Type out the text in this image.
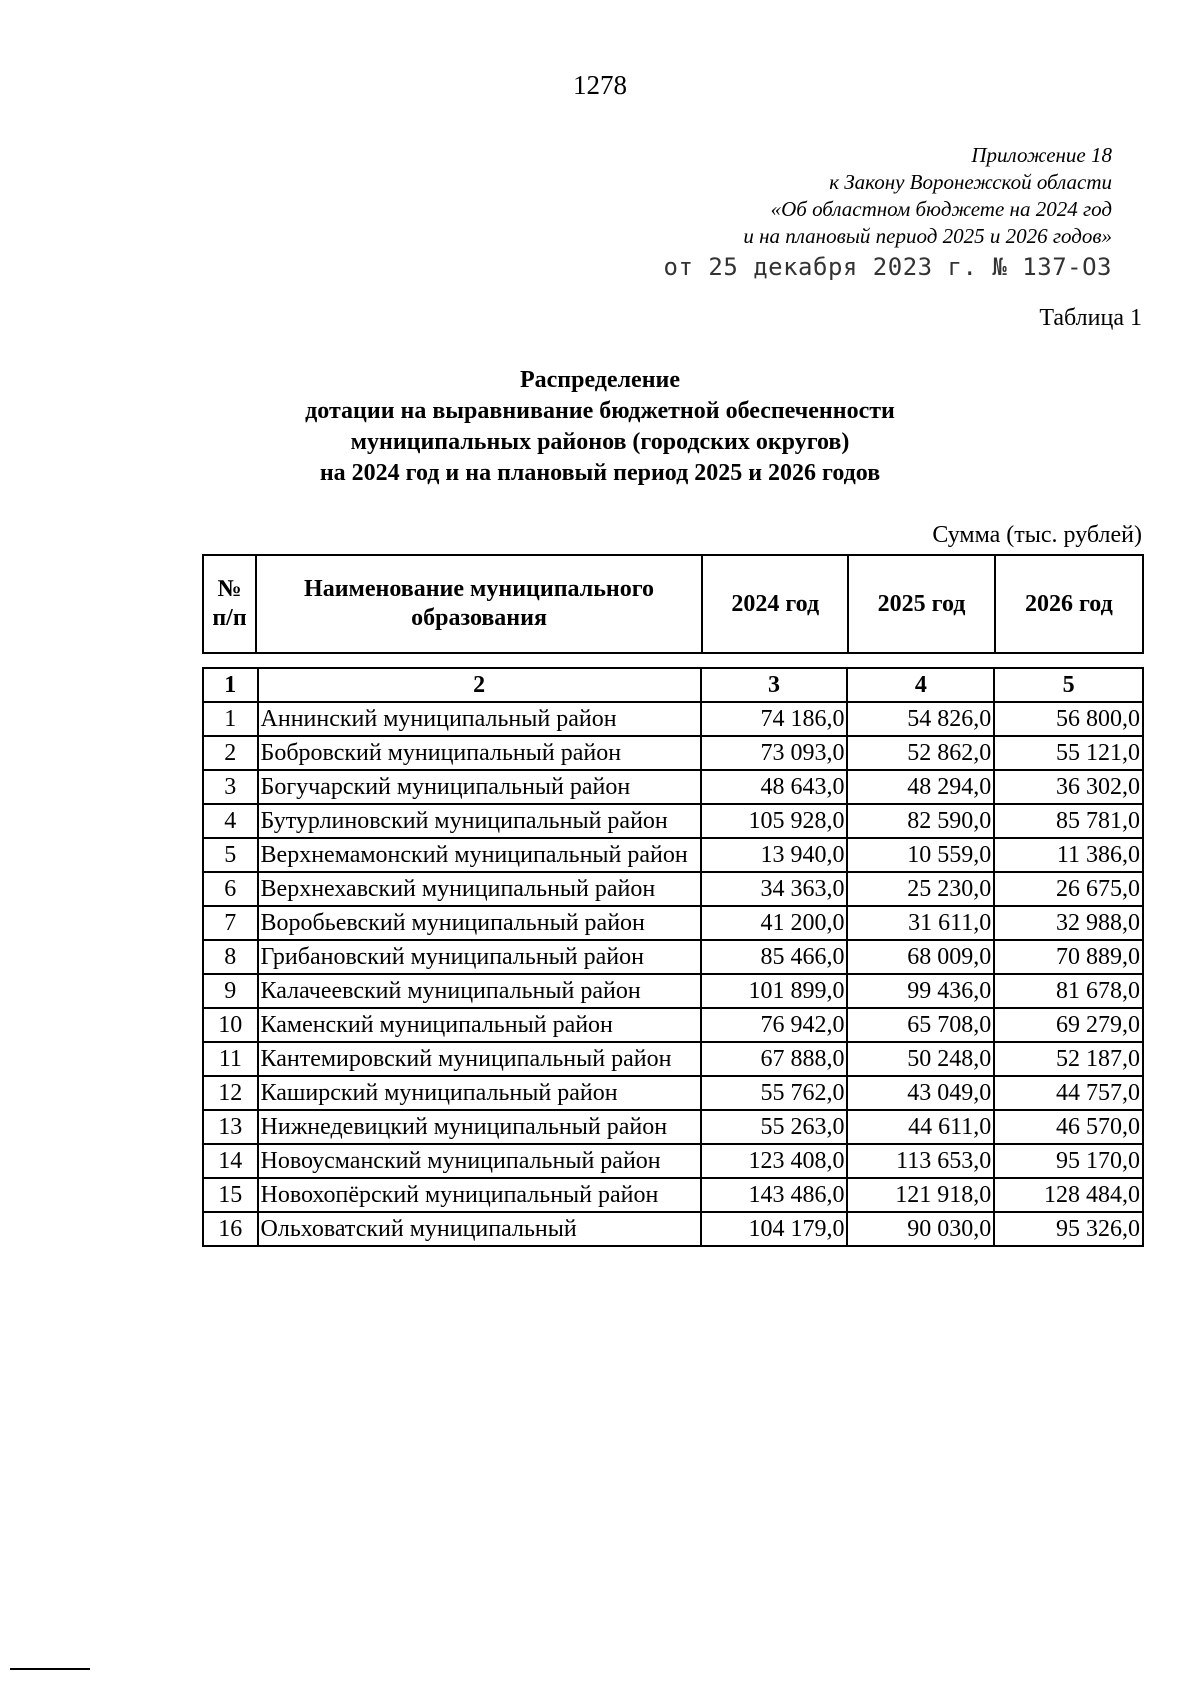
1278
Приложение 18
к Закону Воронежской области
«Об областном бюджете на 2024 год
и на плановый период 2025 и 2026 годов»
от 25 декабря 2023 г. № 137-ОЗ
Таблица 1
Распределение
дотации на выравнивание бюджетной обеспеченности
муниципальных районов (городских округов)
на 2024 год и на плановый период 2025 и 2026 годов
Сумма (тыс. рублей)
№ п/п	Наименование муниципального образования	2024 год	2025 год	2026 год
1	2	3	4	5
1	Аннинский муниципальный район	74 186,0	54 826,0	56 800,0
2	Бобровский муниципальный район	73 093,0	52 862,0	55 121,0
3	Богучарский муниципальный район	48 643,0	48 294,0	36 302,0
4	Бутурлиновский муниципальный район	105 928,0	82 590,0	85 781,0
5	Верхнемамонский муниципальный район	13 940,0	10 559,0	11 386,0
6	Верхнехавский муниципальный район	34 363,0	25 230,0	26 675,0
7	Воробьевский муниципальный район	41 200,0	31 611,0	32 988,0
8	Грибановский муниципальный район	85 466,0	68 009,0	70 889,0
9	Калачеевский муниципальный район	101 899,0	99 436,0	81 678,0
10	Каменский муниципальный район	76 942,0	65 708,0	69 279,0
11	Кантемировский муниципальный район	67 888,0	50 248,0	52 187,0
12	Каширский муниципальный район	55 762,0	43 049,0	44 757,0
13	Нижнедевицкий муниципальный район	55 263,0	44 611,0	46 570,0
14	Новоусманский муниципальный район	123 408,0	113 653,0	95 170,0
15	Новохопёрский муниципальный район	143 486,0	121 918,0	128 484,0
16	Ольховатский муниципальный	104 179,0	90 030,0	95 326,0
